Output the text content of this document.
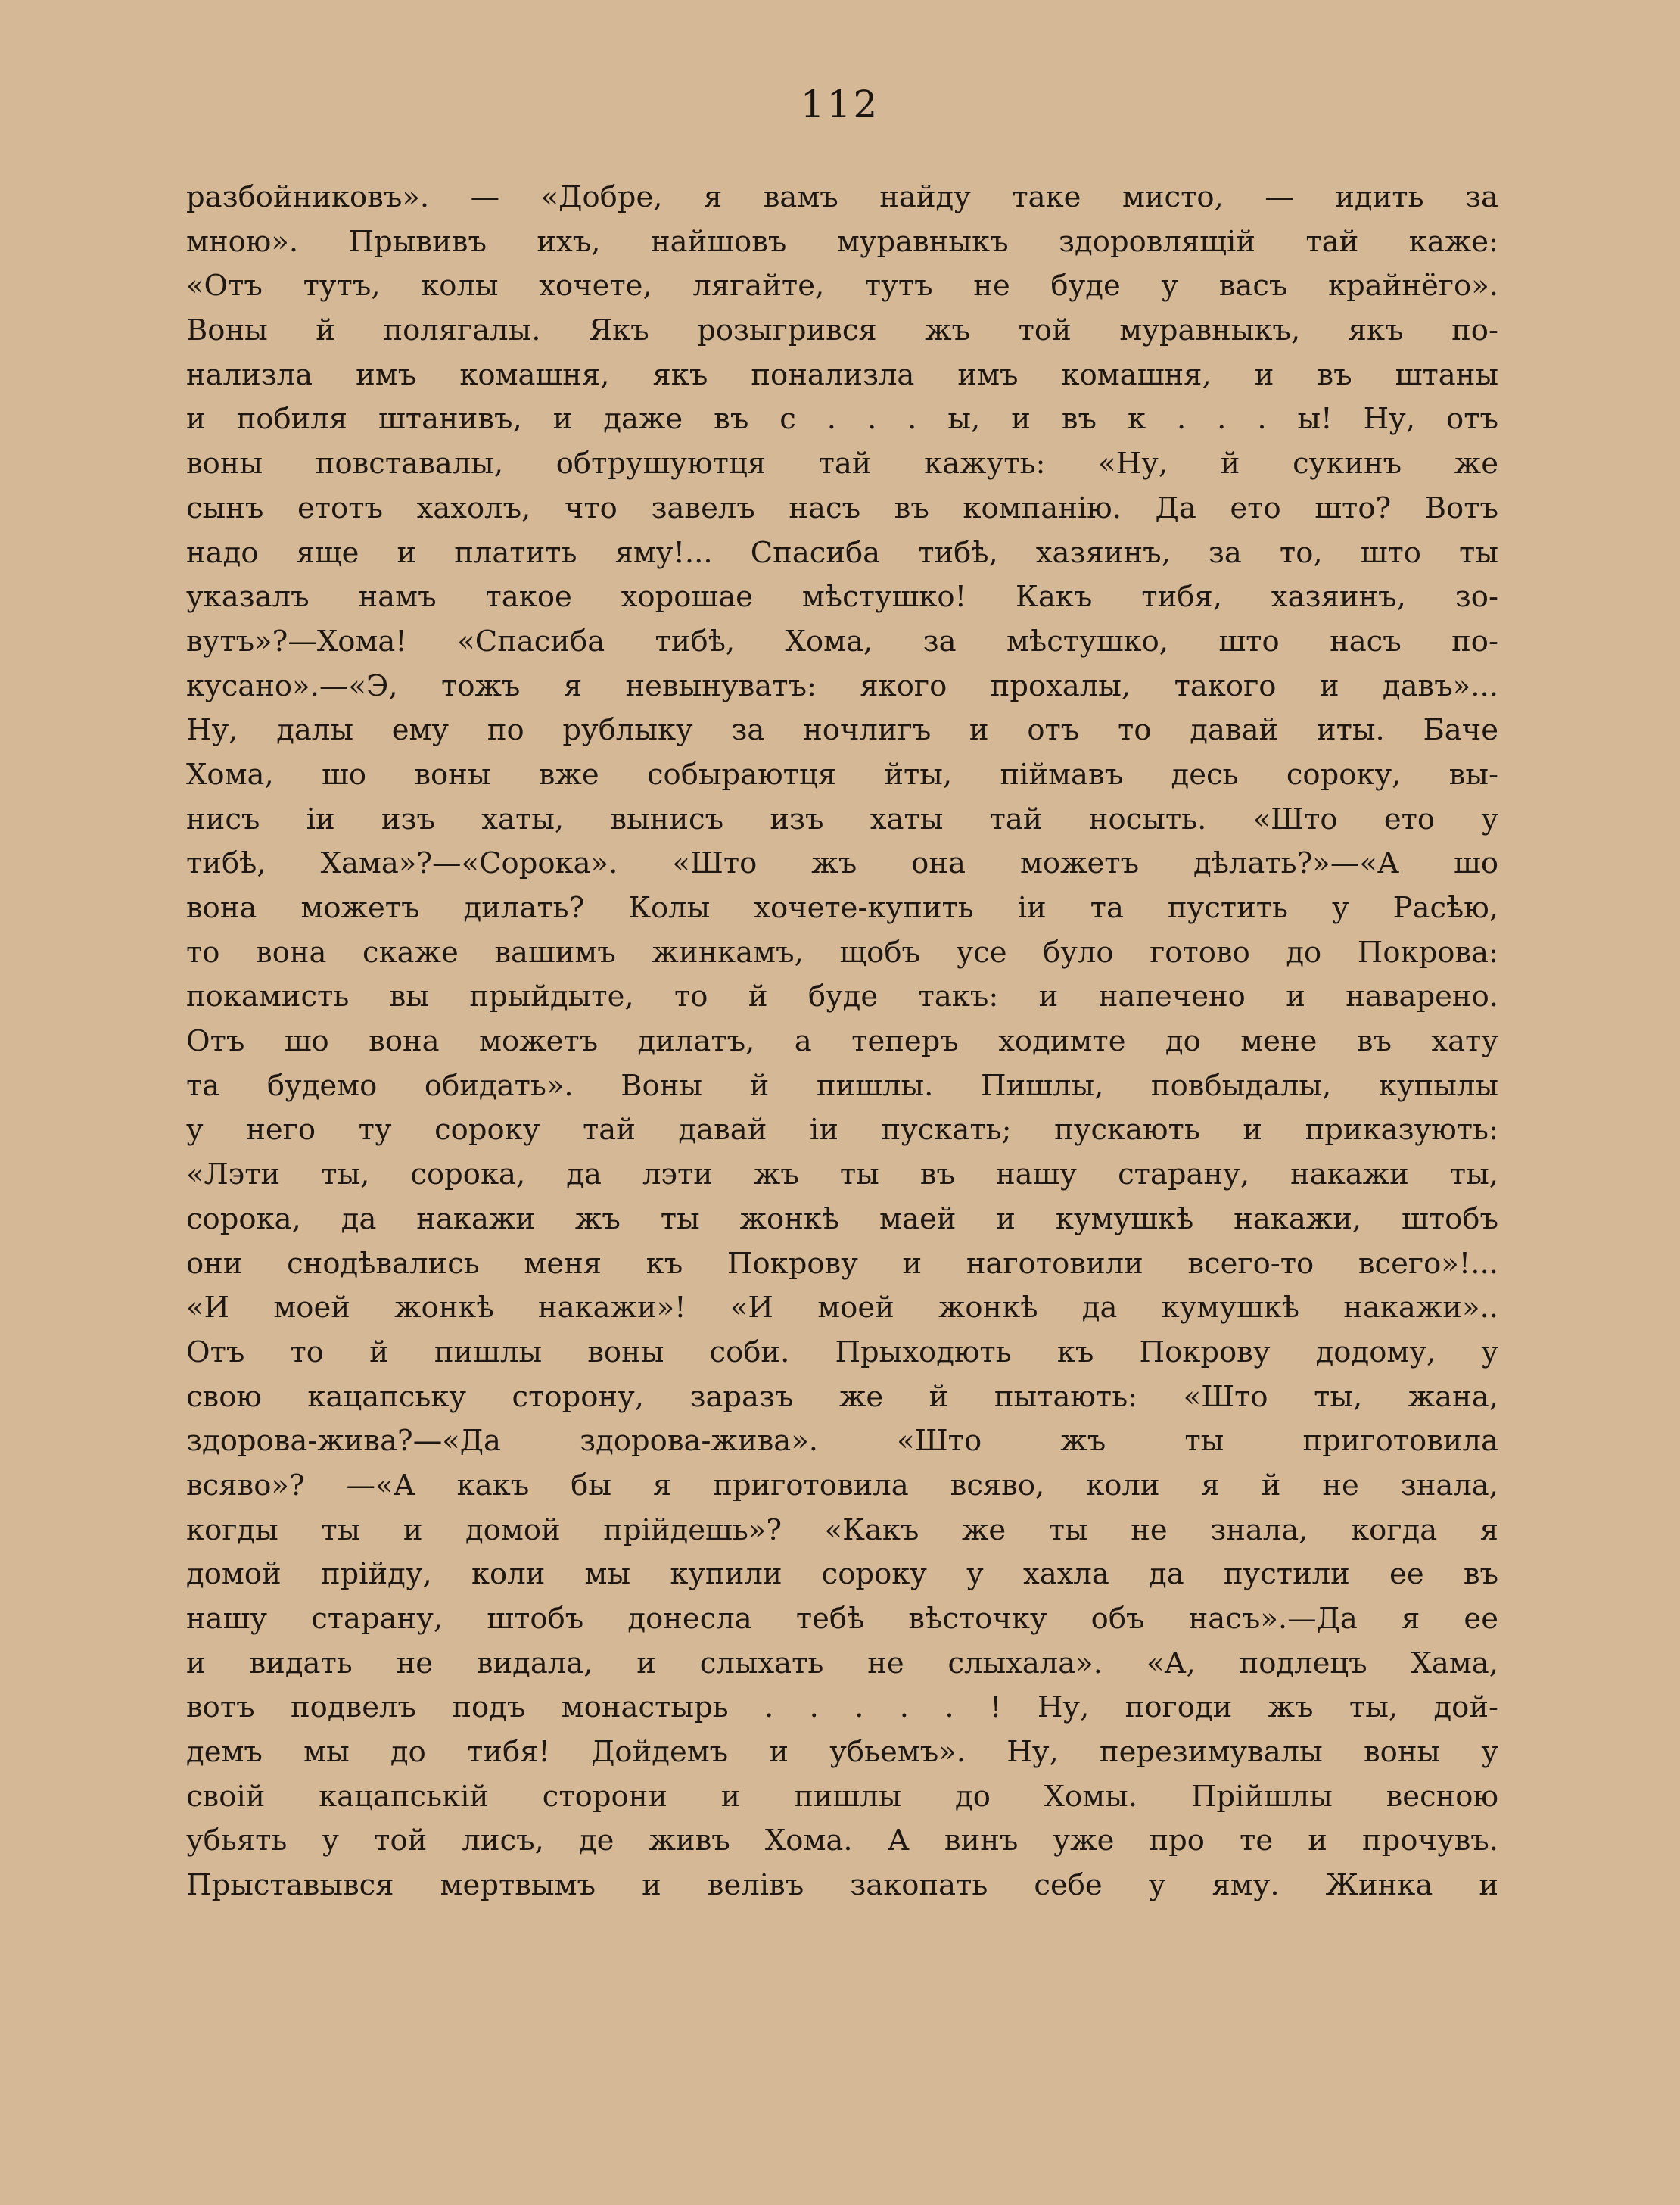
112
разбойниковъ». — «Добре, я вамъ найду таке мисто, — идить за
мною». Прывивъ ихъ, найшовъ муравныкъ здоровлящій тай каже:
«Отъ тутъ, колы хочете, лягайте, тутъ не буде у васъ крайнёго».
Воны й полягалы. Якъ розыгрився жъ той муравныкъ, якъ по-
нализла имъ комашня, якъ понализла имъ комашня, и въ штаны
и побиля штанивъ, и даже въ с . . . ы, и въ к . . . ы! Ну, отъ
воны повставалы, обтрушуютця тай кажуть: «Ну, й сукинъ же
сынъ етотъ хахолъ, что завелъ насъ въ компанію. Да ето што? Вотъ
надо яще и платить яму!... Спасиба тибѣ, хазяинъ, за то, што ты
указалъ намъ такое хорошае мѣстушко! Какъ тибя, хазяинъ, зо-
вутъ»?—Хома! «Спасиба тибѣ, Хома, за мѣстушко, што насъ по-
кусано».—«Э, тожъ я невынуватъ: якого прохалы, такого и давъ»...
Ну, далы ему по рублыку за ночлигъ и отъ то давай иты. Баче
Хома, шо воны вже собыраютця йты, піймавъ десь сороку, вы-
нисъ іи изъ хаты, вынисъ изъ хаты тай носыть. «Што ето у
тибѣ, Хама»?—«Сорока». «Што жъ она можетъ дѣлать?»—«А шо
вона можетъ дилать? Колы хочете-купить іи та пустить у Расѣю,
то вона скаже вашимъ жинкамъ, щобъ усе було готово до Покрова:
покамисть вы прыйдыте, то й буде такъ: и напечено и наварено.
Отъ шо вона можетъ дилатъ, а теперъ ходимте до мене въ хату
та будемо обидать». Воны й пишлы. Пишлы, повбыдалы, купылы
у него ту сороку тай давай іи пускать; пускають и приказують:
«Лэти ты, сорока, да лэти жъ ты въ нашу старану, накажи ты,
сорока, да накажи жъ ты жонкѣ маей и кумушкѣ накажи, штобъ
они снодѣвались меня къ Покрову и наготовили всего-то всего»!...
«И моей жонкѣ накажи»! «И моей жонкѣ да кумушкѣ накажи»..
Отъ то й пишлы воны соби. Прыходють къ Покрову додому, у
свою кацапську сторону, заразъ же й пытають: «Што ты, жана,
здорова-жива?—«Да здорова-жива». «Што жъ ты приготовила
всяво»? —«А какъ бы я приготовила всяво, коли я й не знала,
когды ты и домой прійдешь»? «Какъ же ты не знала, когда я
домой прійду, коли мы купили сороку у хахла да пустили ее въ
нашу старану, штобъ донесла тебѣ вѣсточку объ насъ».—Да я ее
и видать не видала, и слыхать не слыхала». «А, подлецъ Хама,
вотъ подвелъ подъ монастырь . . . . . ! Ну, погоди жъ ты, дой-
демъ мы до тибя! Дойдемъ и убьемъ». Ну, перезимувалы воны у
своій кацапській сторони и пишлы до Хомы. Прійшлы весною
убьять у той лисъ, де живъ Хома. А винъ уже про те и прочувъ.
Прыставывся мертвымъ и велівъ закопать себе у яму. Жинка и
